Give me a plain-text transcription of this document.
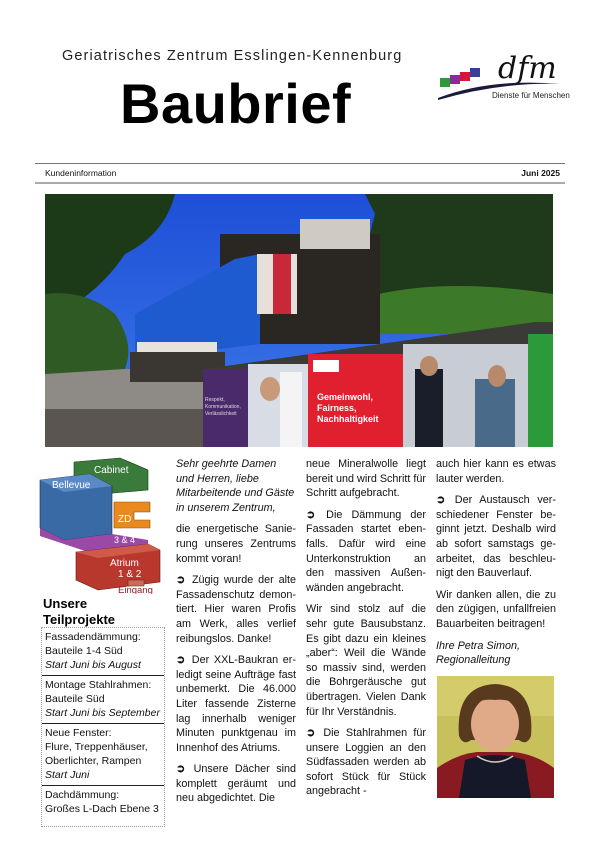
Geriatrisches Zentrum Esslingen-Kennenburg
Baubrief
dfm
Dienste für Menschen
Kundeninformation	Juni 2025
Gemeinwohl,
Fairness,
Nachhaltigkeit
Respekt,
Kommunikation,
Verlässlichkeit
Cabinet
Bellevue
ZD
3 & 4
Atrium
1 & 2
Eingang
Unsere
Teilprojekte
Fassadendämmung:
Bauteile 1-4 Süd
Start Juni bis August
Montage Stahlrahmen:
Bauteile Süd
Start Juni bis September
Neue Fenster:
Flure, Treppenhäuser,
Oberlichter, Rampen
Start Juni
Dachdämmung:
Großes L-Dach Ebene 3

Sehr geehrte Damen und Herren, liebe Mitarbeitende und Gäste in unserem Zentrum,

die energetische Sanierung unseres Zentrums kommt voran!

➲ Zügig wurde der alte Fassadenschutz demontiert. Hier waren Profis am Werk, alles verlief reibungslos. Danke!

➲ Der XXL-Baukran erledigt seine Aufträge fast unbemerkt. Die 46.000 Liter fassende Zisterne lag innerhalb weniger Minuten punktgenau im Innenhof des Atriums.

➲ Unsere Dächer sind komplett geräumt und neu abgedichtet. Die

neue Mineralwolle liegt bereit und wird Schritt für Schritt aufgebracht.

➲ Die Dämmung der Fassaden startet ebenfalls. Dafür wird eine Unterkonstruktion an den massiven Außenwänden angebracht.

Wir sind stolz auf die sehr gute Bausubstanz. Es gibt dazu ein kleines „aber“: Weil die Wände so massiv sind, werden die Bohrgeräusche gut übertragen. Vielen Dank für Ihr Verständnis.

➲ Die Stahlrahmen für unsere Loggien an den Südfassaden werden ab sofort Stück für Stück angebracht -

auch hier kann es etwas lauter werden.

➲ Der Austausch verschiedener Fenster beginnt jetzt. Deshalb wird ab sofort samstags gearbeitet, das beschleunigt den Bauverlauf.

Wir danken allen, die zu den zügigen, unfallfreien Bauarbeiten beitragen!

Ihre Petra Simon, Regionalleitung
